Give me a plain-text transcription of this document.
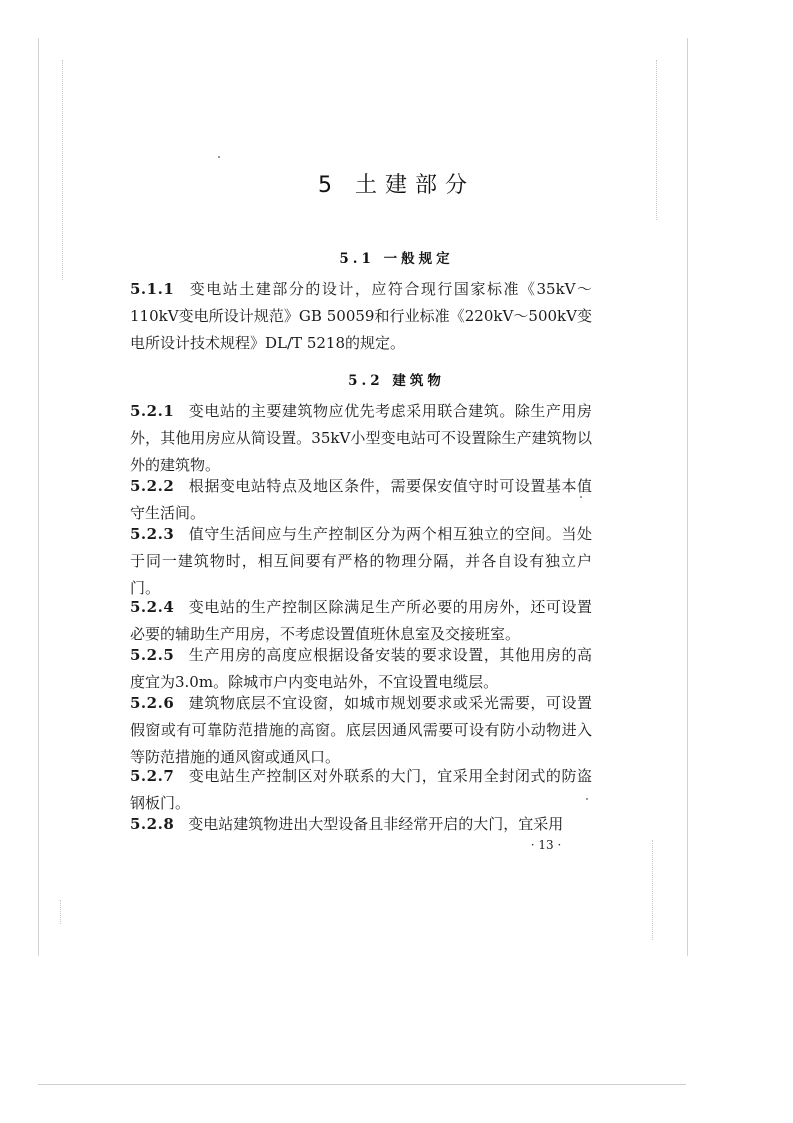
5 土建部分
5.1 一般规定
5.1.1 变电站土建部分的设计，应符合现行国家标准《35kV～110kV变电所设计规范》GB 50059和行业标准《220kV～500kV变电所设计技术规程》DL/T 5218的规定。
5.2 建筑物
5.2.1 变电站的主要建筑物应优先考虑采用联合建筑。除生产用房外，其他用房应从简设置。35kV小型变电站可不设置除生产建筑物以外的建筑物。
5.2.2 根据变电站特点及地区条件，需要保安值守时可设置基本值守生活间。
5.2.3 值守生活间应与生产控制区分为两个相互独立的空间。当处于同一建筑物时，相互间要有严格的物理分隔，并各自设有独立户门。
5.2.4 变电站的生产控制区除满足生产所必要的用房外，还可设置必要的辅助生产用房，不考虑设置值班休息室及交接班室。
5.2.5 生产用房的高度应根据设备安装的要求设置，其他用房的高度宜为3.0m。除城市户内变电站外，不宜设置电缆层。
5.2.6 建筑物底层不宜设窗，如城市规划要求或采光需要，可设置假窗或有可靠防范措施的高窗。底层因通风需要可设有防小动物进入等防范措施的通风窗或通风口。
5.2.7 变电站生产控制区对外联系的大门，宜采用全封闭式的防盗钢板门。
5.2.8 变电站建筑物进出大型设备且非经常开启的大门，宜采用
· 13 ·
